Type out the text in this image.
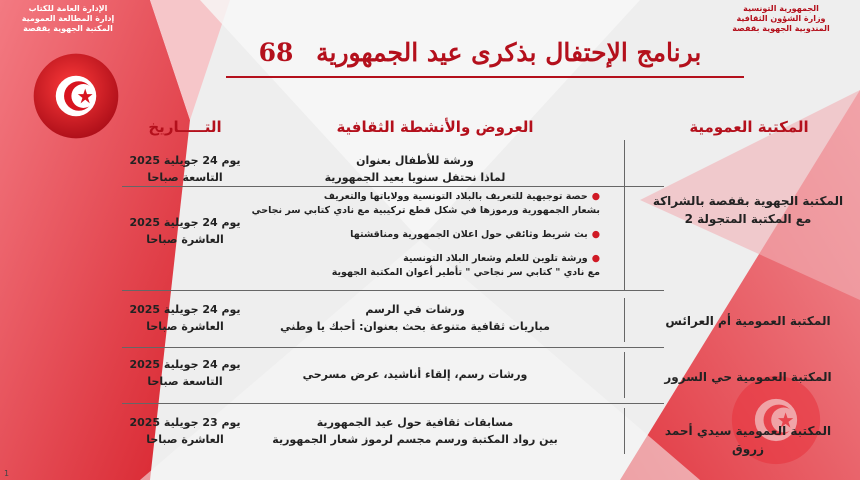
الإدارة العامة للكتاب
إدارة المطالعة العمومية
المكتبة الجهوية بقفصة
الجمهورية التونسية
وزارة الشؤون الثقافية
المندوبية الجهوية بقفصة
برنامج الإحتفال بذكرى عيد الجمهورية 68
المكتبة العمومية
العروض والأنشطة الثقافية
التـــــاريخ
ورشة للأطفال بعنوان
لماذا نحتفل سنويا بعيد الجمهورية
يوم 24 جويلية 2025
التاسعة صباحا
المكتبة الجهوية بقفصة بالشراكة مع المكتبة المتجولة 2
●حصة توجيهية للتعريف بالبلاد التونسية وولاياتها والتعريف
بشعار الجمهورية ورموزها في شكل قطع تركيبية مع نادي كتابي سر نجاحي
●بث شريط وثائقي حول اعلان الجمهورية ومناقشتها
●ورشة تلوين للعلم وشعار البلاد التونسية
مع نادي " كتابي سر نجاحي " تأطير أعوان المكتبة الجهوية
يوم 24 جويلية 2025
العاشرة صباحا
المكتبة العمومية أم العرائس
ورشات في الرسم
مباريات ثقافية متنوعة بحث بعنوان: أحبك يا وطني
يوم 24 جويلية 2025
العاشرة صباحا
المكتبة العمومية حي السرور
ورشات رسم، إلقاء أناشيد، عرض مسرحي
يوم 24 جويلية 2025
التاسعة صباحا
المكتبة العمومية سيدي أحمد زروق
مسابقات ثقافية حول عيد الجمهورية
بين رواد المكتبة ورسم مجسم لرموز شعار الجمهورية
يوم 23 جويلية 2025
العاشرة صباحا
1
